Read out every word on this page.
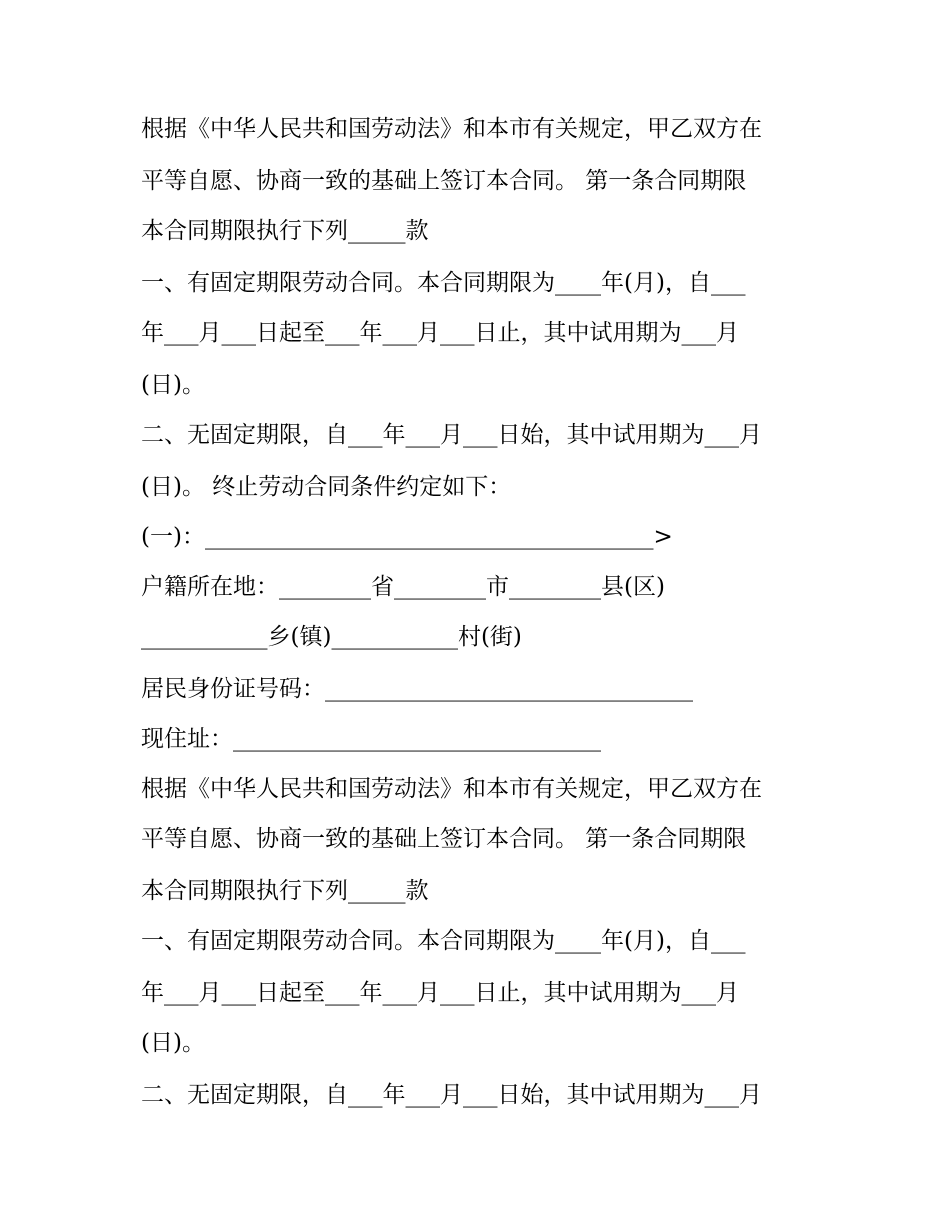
根据《中华人民共和国劳动法》和本市有关规定，甲乙双方在

平等自愿、协商一致的基础上签订本合同。 第一条合同期限

本合同期限执行下列_____款

一、有固定期限劳动合同。本合同期限为____年(月)，自___

年___月___日起至___年___月___日止，其中试用期为___月

(日)。

二、无固定期限，自___年___月___日始，其中试用期为___月

(日)。 终止劳动合同条件约定如下：

(一)：_______________________________________>

户籍所在地：________省________市________县(区)

___________乡(镇)___________村(街)

居民身份证号码：________________________________

现住址：________________________________

根据《中华人民共和国劳动法》和本市有关规定，甲乙双方在

平等自愿、协商一致的基础上签订本合同。 第一条合同期限

本合同期限执行下列_____款

一、有固定期限劳动合同。本合同期限为____年(月)，自___

年___月___日起至___年___月___日止，其中试用期为___月

(日)。

二、无固定期限，自___年___月___日始，其中试用期为___月
